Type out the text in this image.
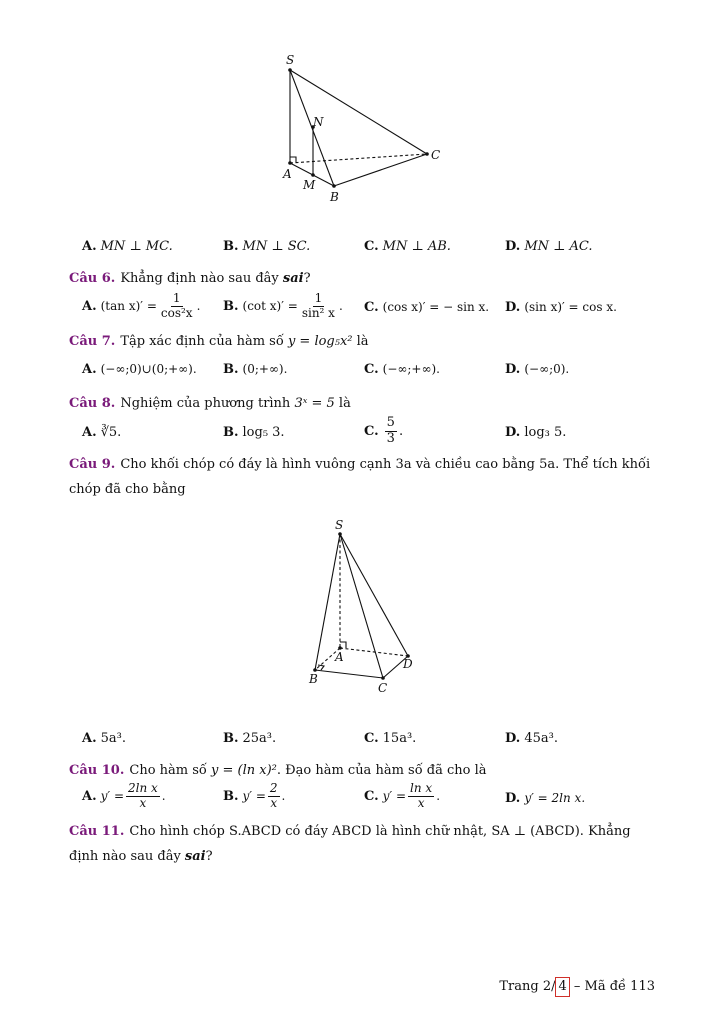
S
N
C
A
M
B
A. MN ⊥ MC.	B. MN ⊥ SC.	C. MN ⊥ AB.	D. MN ⊥ AC.
Câu 6. Khẳng định nào sau đây sai?
A. (tan $x)' = \frac{1}{\text{cos²x}}$ . B. (cot $x)' = \frac{1}{\text{sin² x}}$ . C. (cos x)′ = − sin x. D. (sin x)′ = cos x.
Câu 7. Tập xác định của hàm số y = log₅x² là
A. (−∞;0)∪(0;+∞). B. (0;+∞).	C. (−∞;+∞).	D. (−∞;0).
Câu 8. Nghiệm của phương trình 3ˣ = 5 là
A. ∛5.	B. log₅ 3.	C. $\frac{5}{3}$ .	D. log₃ 5.
Câu 9. Cho khối chóp có đáy là hình vuông cạnh 3a và chiều cao bằng 5a. Thể tích khối
chóp đã cho bằng
S
A	D
B
C
A. 5a³.	B. 25a³.	C. 15a³.	D. 45a³.
Câu 10. Cho hàm số y = (ln x)². Đạo hàm của hàm số đã cho là
A. $y' = \frac{\text{2ln x}}{x}$ .	B. $y' = \frac{2}{x}$ .	C. $y' = \frac{\text{ln x}}{x}$ .	D. y′ = 2ln x.
Câu 11. Cho hình chóp S.ABCD có đáy ABCD là hình chữ nhật, SA ⊥ (ABCD). Khẳng
định nào sau đây sai?
Trang 2/ 4 – Mã đề 113
